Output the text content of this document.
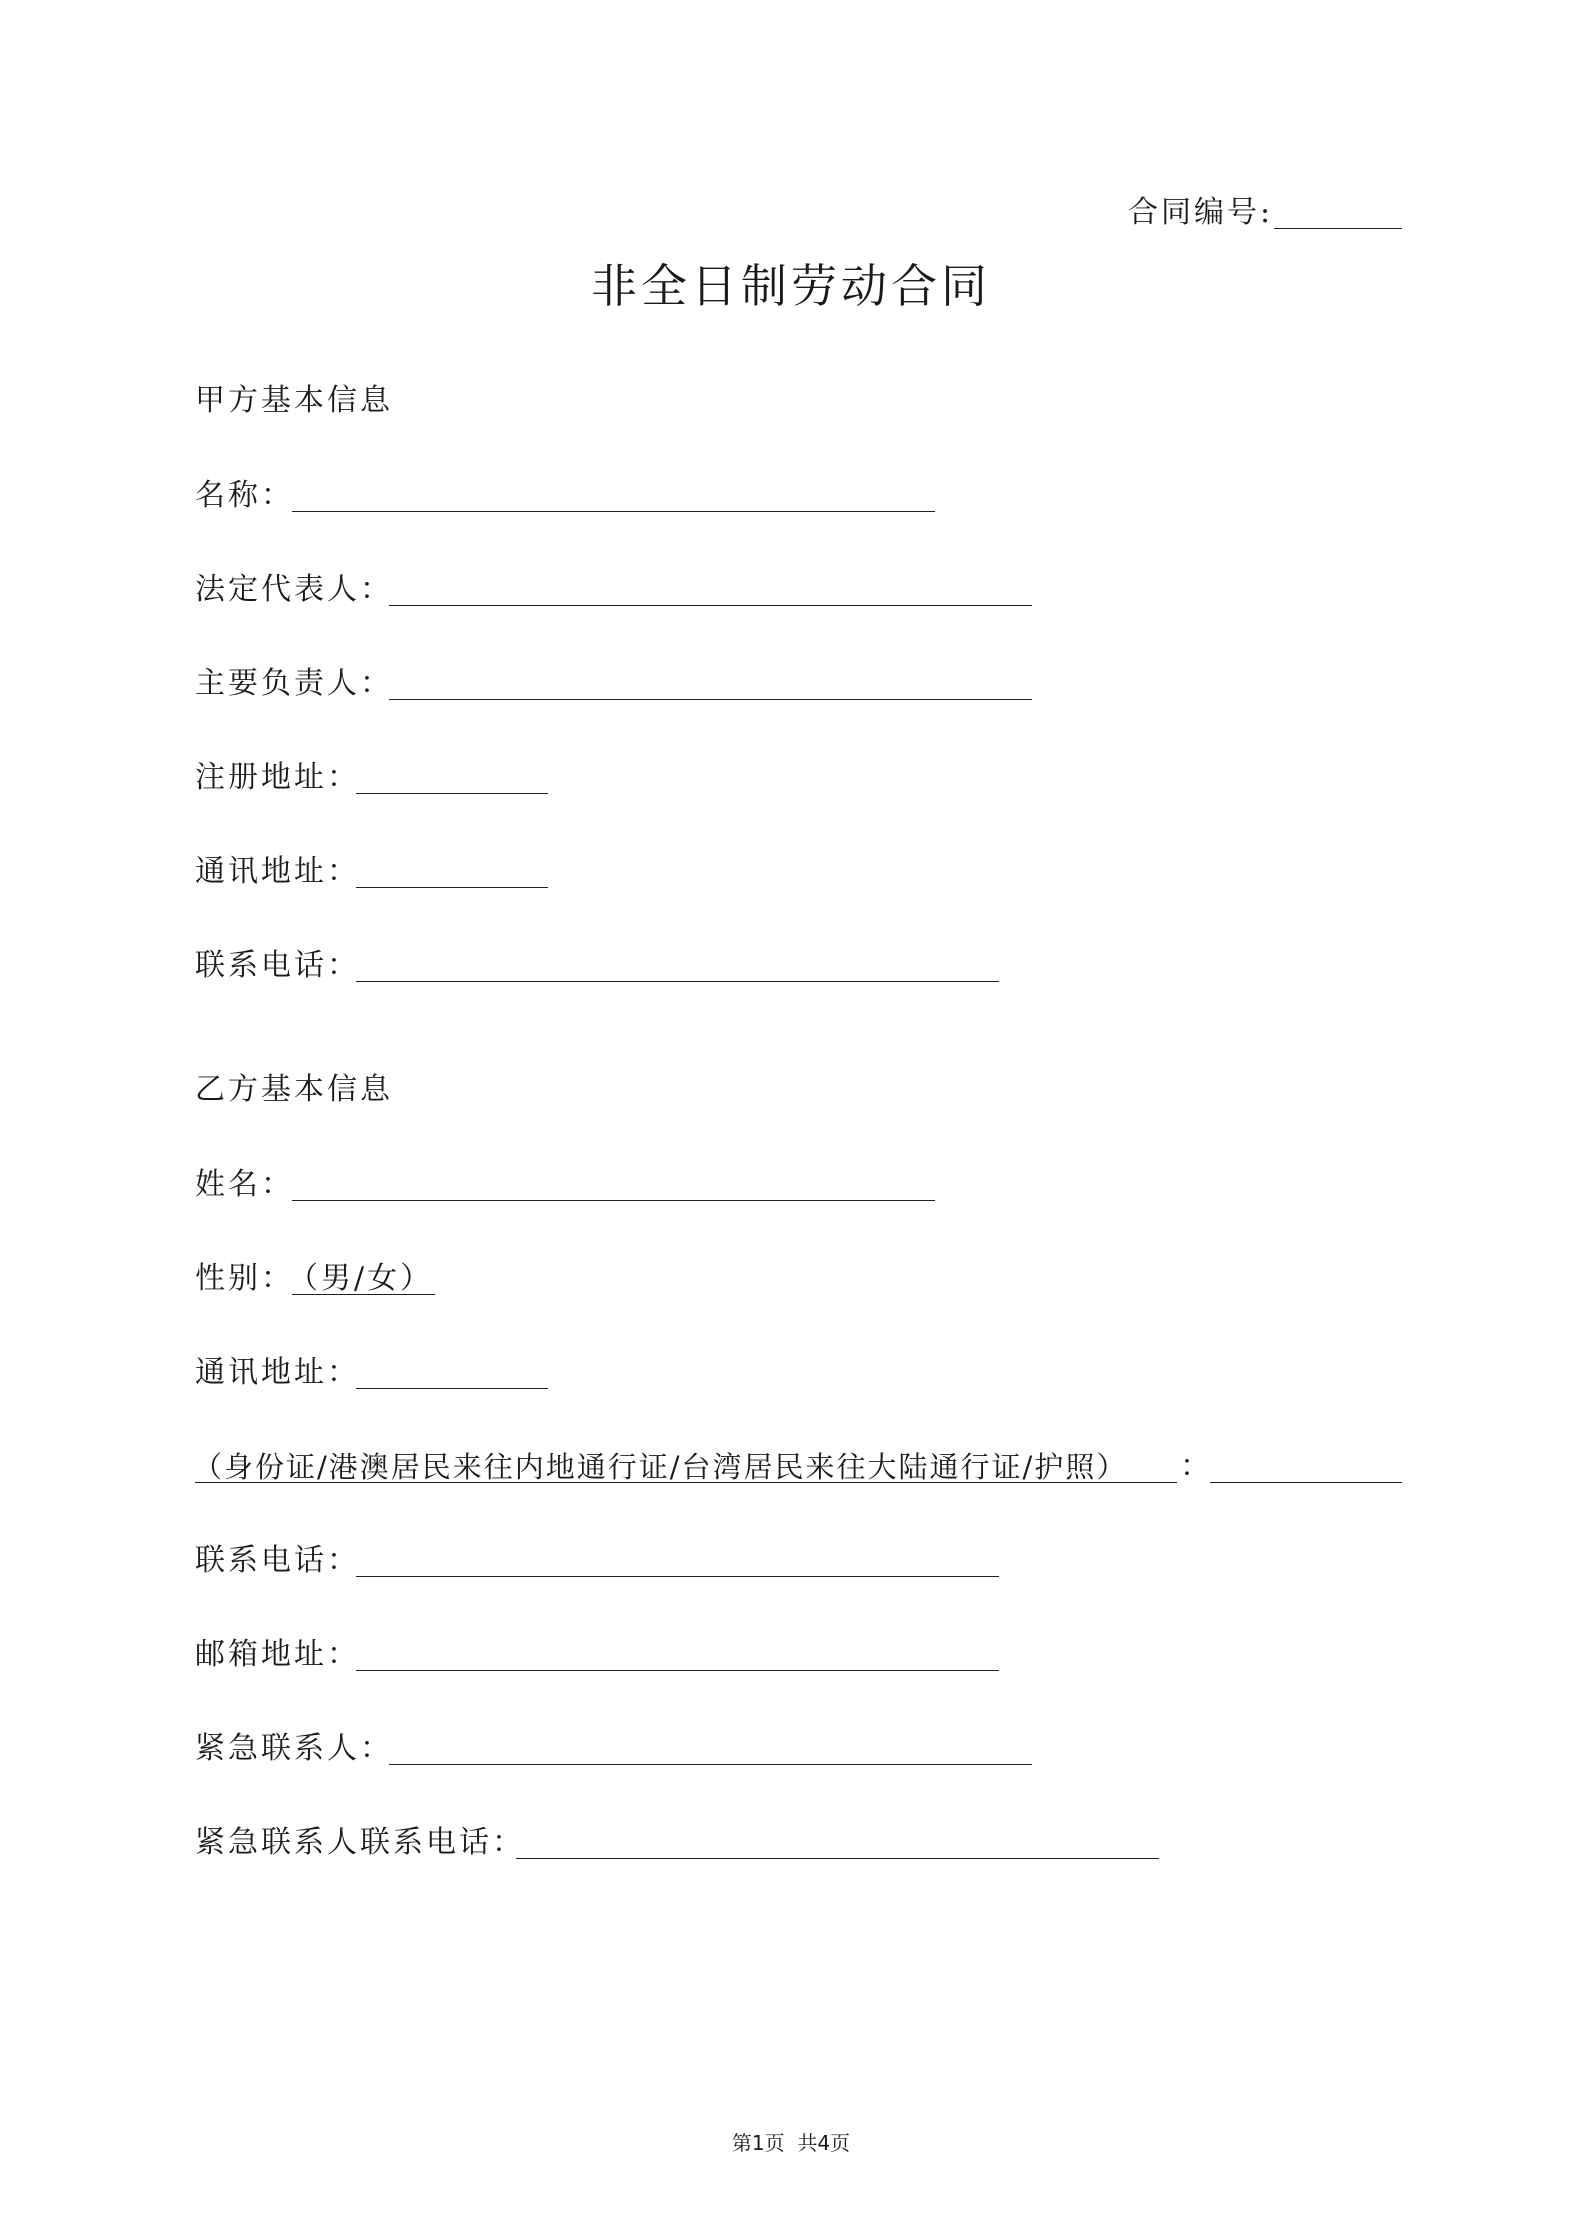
合同编号:
非全日制劳动合同
甲方基本信息
名称：
法定代表人：
主要负责人：
注册地址：
通讯地址：
联系电话：
乙方基本信息
姓名：
性别：
（男/女）
通讯地址：
（身份证/港澳居民来往内地通行证/台湾居民来往大陆通行证/护照） ：
联系电话：
邮箱地址：
紧急联系人：
紧急联系人联系电话：
第1页  共4页
